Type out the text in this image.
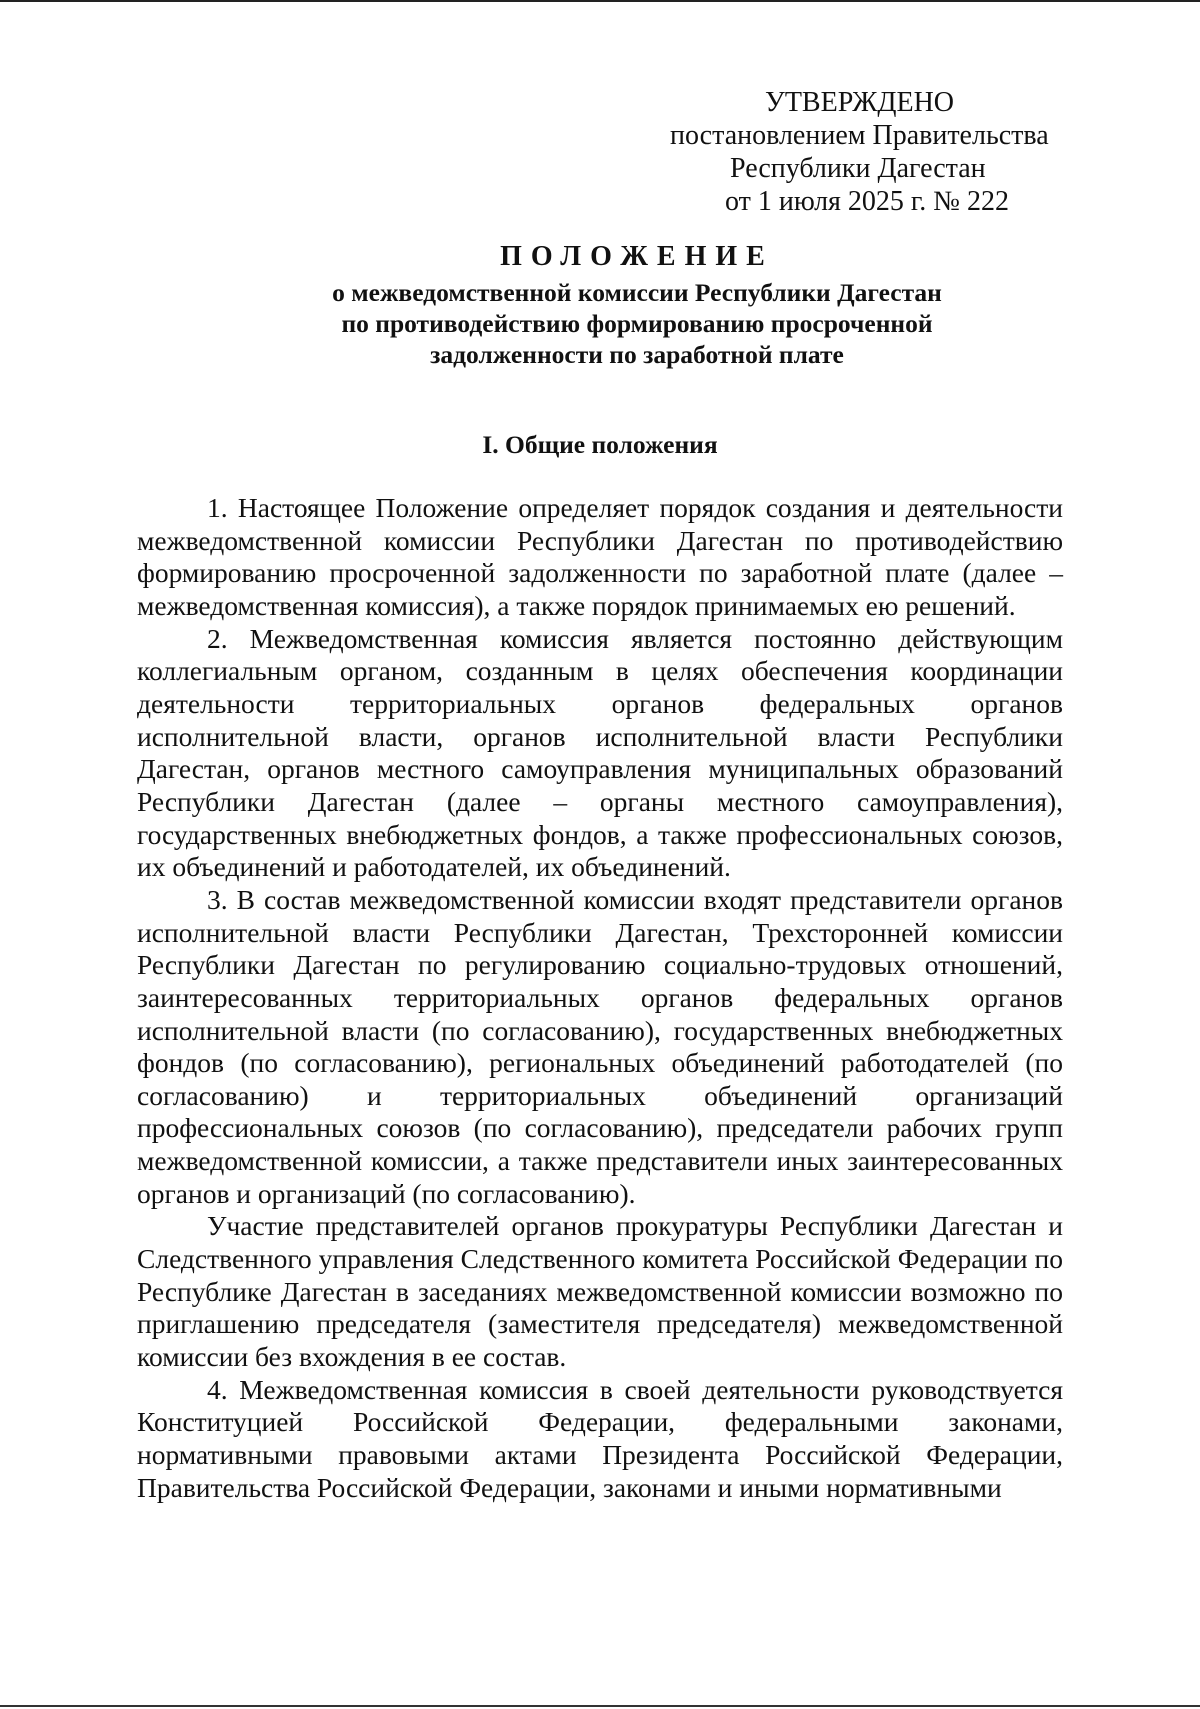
УТВЕРЖДЕНО
постановлением Правительства
Республики Дагестан
от 1 июля 2025 г. № 222
ПОЛОЖЕНИЕ
о межведомственной комиссии Республики Дагестан
по противодействию формированию просроченной
задолженности по заработной плате
I. Общие положения

1. Настоящее Положение определяет порядок создания и деятельности межведомственной комиссии Республики Дагестан по противодействию формированию просроченной задолженности по заработной плате (далее – межведомственная комиссия), а также порядок принимаемых ею решений.

2. Межведомственная комиссия является постоянно действующим коллегиальным органом, созданным в целях обеспечения координации деятельности территориальных органов федеральных органов исполнительной власти, органов исполнительной власти Республики Дагестан, органов местного самоуправления муниципальных образований Республики Дагестан (далее – органы местного самоуправления), государственных внебюджетных фондов, а также профессиональных союзов, их объединений и работодателей, их объединений.

3. В состав межведомственной комиссии входят представители органов исполнительной власти Республики Дагестан, Трехсторонней комиссии Республики Дагестан по регулированию социально-трудовых отношений, заинтересованных территориальных органов федеральных органов исполнительной власти (по согласованию), государственных внебюджетных фондов (по согласованию), региональных объединений работодателей (по согласованию) и территориальных объединений организаций профессиональных союзов (по согласованию), председатели рабочих групп межведомственной комиссии, а также представители иных заинтересованных органов и организаций (по согласованию).

Участие представителей органов прокуратуры Республики Дагестан и Следственного управления Следственного комитета Российской Федерации по Республике Дагестан в заседаниях межведомственной комиссии возможно по приглашению председателя (заместителя председателя) межведомственной комиссии без вхождения в ее состав.

4. Межведомственная комиссия в своей деятельности руководствуется Конституцией Российской Федерации, федеральными законами, нормативными правовыми актами Президента Российской Федерации, Правительства Российской Федерации, законами и иными нормативными
